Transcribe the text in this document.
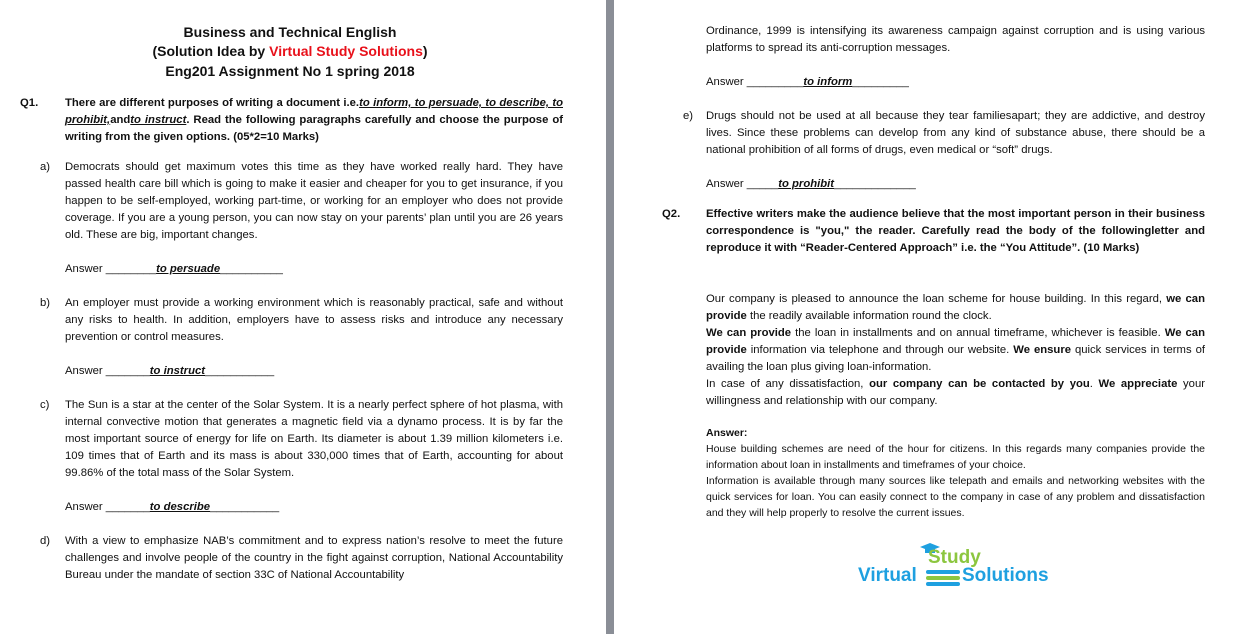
Business and Technical English
(Solution Idea by Virtual Study Solutions)
Eng201 Assignment No 1 spring 2018
Q1. There are different purposes of writing a document i.e.to inform, to persuade, to describe, to prohibit,andto instruct. Read the following paragraphs carefully and choose the purpose of writing from the given options. (05*2=10 Marks)
a) Democrats should get maximum votes this time as they have worked really hard. They have passed health care bill which is going to make it easier and cheaper for you to get insurance, if you happen to be self-employed, working part-time, or working for an employer who does not provide coverage. If you are a young person, you can now stay on your parents’ plan until you are 26 years old. These are big, important changes.
Answer ________to persuade__________
b) An employer must provide a working environment which is reasonably practical, safe and without any risks to health. In addition, employers have to assess risks and introduce any necessary prevention or control measures.
Answer _______to instruct___________
c) The Sun is a star at the center of the Solar System. It is a nearly perfect sphere of hot plasma, with internal convective motion that generates a magnetic field via a dynamo process. It is by far the most important source of energy for life on Earth. Its diameter is about 1.39 million kilometers i.e. 109 times that of Earth and its mass is about 330,000 times that of Earth, accounting for about 99.86% of the total mass of the Solar System.
Answer _______to describe___________
d) With a view to emphasize NAB’s commitment and to express nation’s resolve to meet the future challenges and involve people of the country in the fight against corruption, National Accountability Bureau under the mandate of section 33C of National Accountability
Ordinance, 1999 is intensifying its awareness campaign against corruption and is using various platforms to spread its anti-corruption messages.
Answer _________to inform_________
e) Drugs should not be used at all because they tear familiesapart; they are addictive, and destroy lives. Since these problems can develop from any kind of substance abuse, there should be a national prohibition of all forms of drugs, even medical or “soft” drugs.
Answer _____to prohibit_____________
Q2. Effective writers make the audience believe that the most important person in their business correspondence is "you," the reader. Carefully read the body of the followingletter and reproduce it with “Reader-Centered Approach” i.e. the “You Attitude”. (10 Marks)
Our company is pleased to announce the loan scheme for house building. In this regard, we can provide the readily available information round the clock.
We can provide the loan in installments and on annual timeframe, whichever is feasible. We can provide information via telephone and through our website. We ensure quick services in terms of availing the loan plus giving loan-information.
In case of any dissatisfaction, our company can be contacted by you. We appreciate your willingness and relationship with our company.
Answer:
House building schemes are need of the hour for citizens. In this regards many companies provide the information about loan in installments and timeframes of your choice.
Information is available through many sources like telepath and emails and networking websites with the quick services for loan. You can easily connect to the company in case of any problem and dissatisfaction and they will help properly to resolve the current issues.
Study
Virtual Solutions
